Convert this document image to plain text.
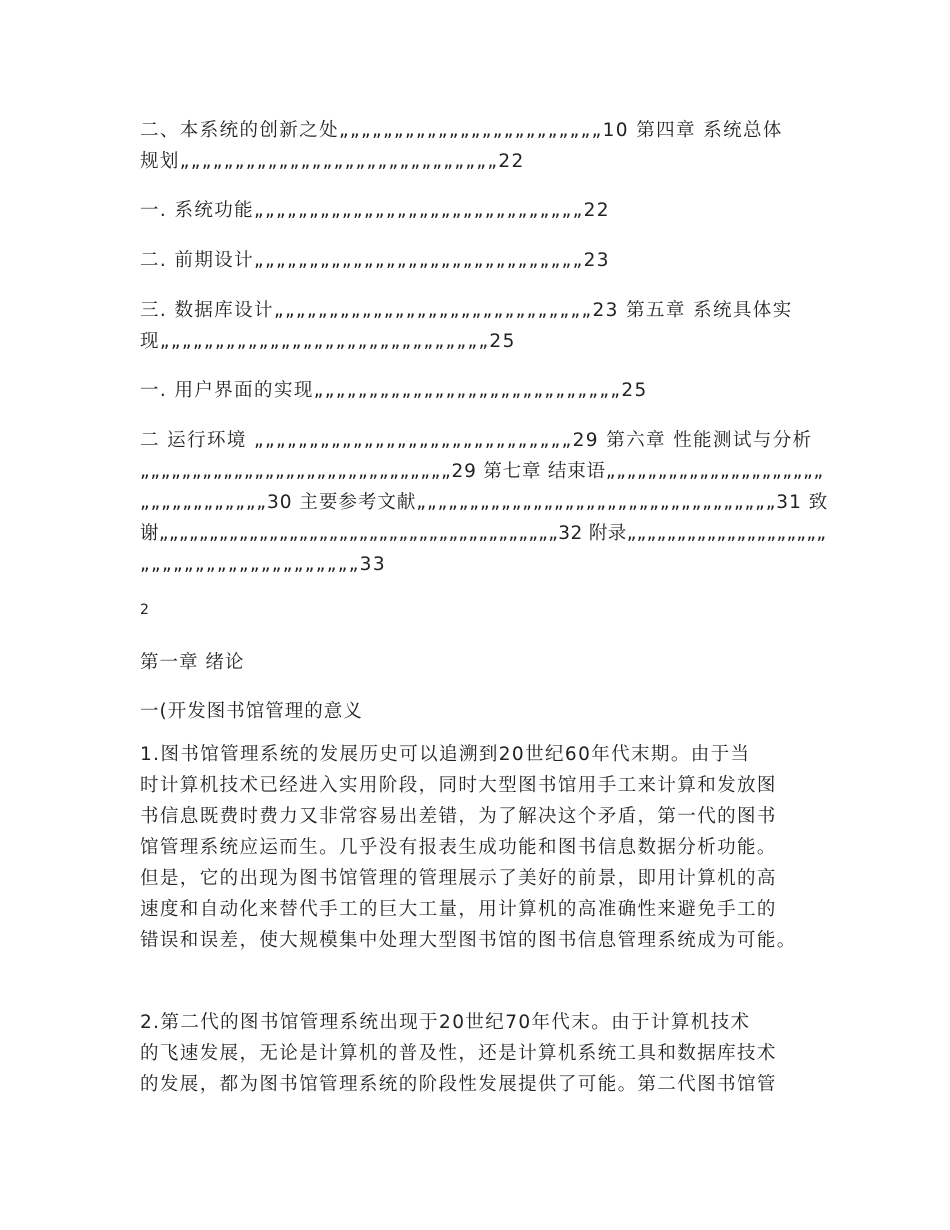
二、本系统的创新之处„„„„„„„„„„„„„„„„„„„„„„„„10 第四章 系统总体
规划„„„„„„„„„„„„„„„„„„„„„„„„„„„„„22
一. 系统功能„„„„„„„„„„„„„„„„„„„„„„„„„„„„„„22
二. 前期设计„„„„„„„„„„„„„„„„„„„„„„„„„„„„„„23
三. 数据库设计„„„„„„„„„„„„„„„„„„„„„„„„„„„„„23 第五章 系统具体实
现„„„„„„„„„„„„„„„„„„„„„„„„„„„„„„25
一. 用户界面的实现„„„„„„„„„„„„„„„„„„„„„„„„„„„„25
二 运行环境 „„„„„„„„„„„„„„„„„„„„„„„„„„„„„29 第六章 性能测试与分析
„„„„„„„„„„„„„„„„„„„„„„„„„„„„„„29 第七章 结束语„„„„„„„„„„„„„„„„„„„„„
„„„„„„„„„„„„30 主要参考文献„„„„„„„„„„„„„„„„„„„„„„„„„„„„„„„„„„31 致
谢„„„„„„„„„„„„„„„„„„„„„„„„„„„„„„„„„„„„„„„„32 附录„„„„„„„„„„„„„„„„„„„„
„„„„„„„„„„„„„„„„„„„„33
2
第一章 绪论
一(开发图书馆管理的意义
1.图书馆管理系统的发展历史可以追溯到20世纪60年代末期。由于当
时计算机技术已经进入实用阶段，同时大型图书馆用手工来计算和发放图
书信息既费时费力又非常容易出差错，为了解决这个矛盾，第一代的图书
馆管理系统应运而生。几乎没有报表生成功能和图书信息数据分析功能。
但是，它的出现为图书馆管理的管理展示了美好的前景，即用计算机的高
速度和自动化来替代手工的巨大工量，用计算机的高准确性来避免手工的
错误和误差，使大规模集中处理大型图书馆的图书信息管理系统成为可能。
2.第二代的图书馆管理系统出现于20世纪70年代末。由于计算机技术
的飞速发展，无论是计算机的普及性，还是计算机系统工具和数据库技术
的发展，都为图书馆管理系统的阶段性发展提供了可能。第二代图书馆管
